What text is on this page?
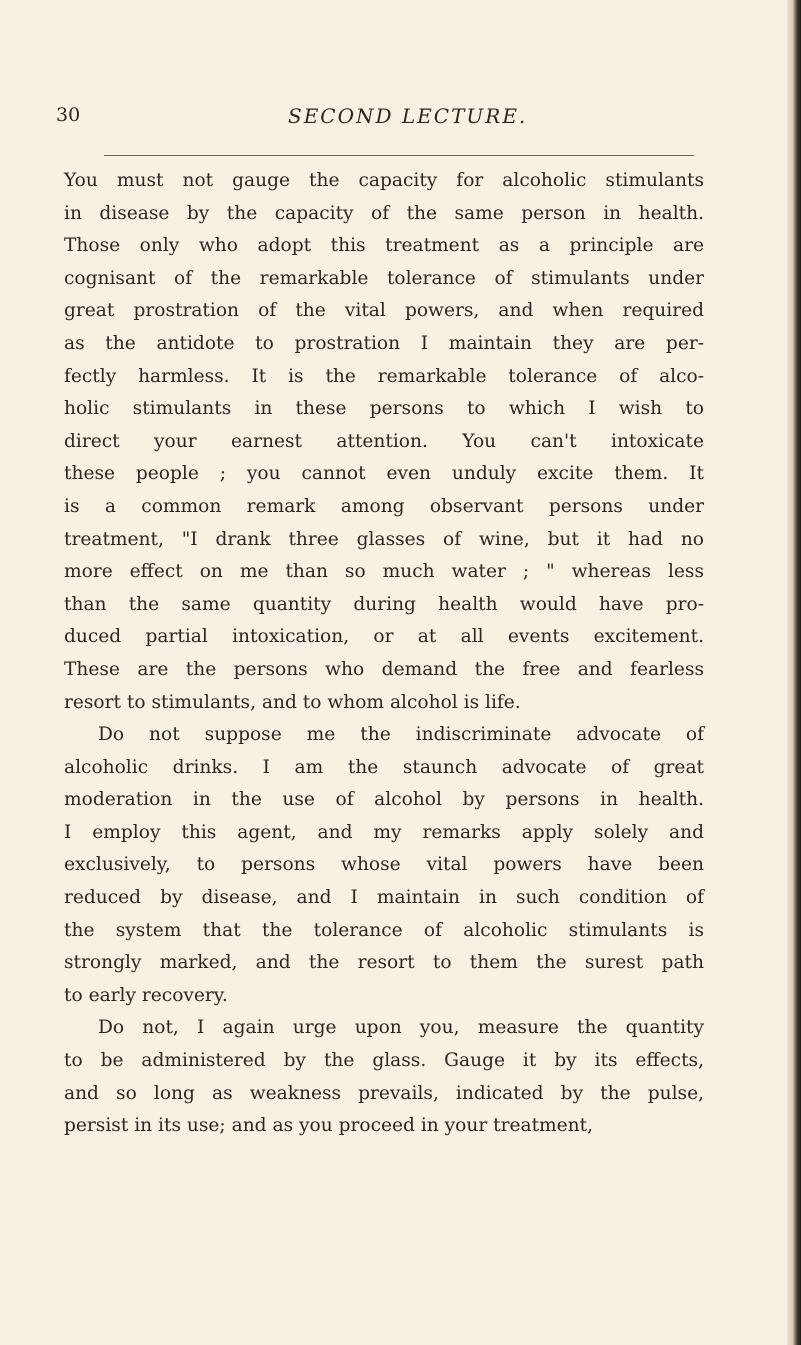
30	SECOND LECTURE.
You must not gauge the capacity for alcoholic stimulants
in disease by the capacity of the same person in health.
Those only who adopt this treatment as a principle are
cognisant of the remarkable tolerance of stimulants under
great prostration of the vital powers, and when required
as the antidote to prostration I maintain they are per-
fectly harmless. It is the remarkable tolerance of alco-
holic stimulants in these persons to which I wish to
direct your earnest attention. You can't intoxicate
these people ; you cannot even unduly excite them. It
is a common remark among observant persons under
treatment, "I drank three glasses of wine, but it had no
more effect on me than so much water ; " whereas less
than the same quantity during health would have pro-
duced partial intoxication, or at all events excitement.
These are the persons who demand the free and fearless
resort to stimulants, and to whom alcohol is life.
Do not suppose me the indiscriminate advocate of
alcoholic drinks. I am the staunch advocate of great
moderation in the use of alcohol by persons in health.
I employ this agent, and my remarks apply solely and
exclusively, to persons whose vital powers have been
reduced by disease, and I maintain in such condition of
the system that the tolerance of alcoholic stimulants is
strongly marked, and the resort to them the surest path
to early recovery.
Do not, I again urge upon you, measure the quantity
to be administered by the glass. Gauge it by its effects,
and so long as weakness prevails, indicated by the pulse,
persist in its use; and as you proceed in your treatment,
